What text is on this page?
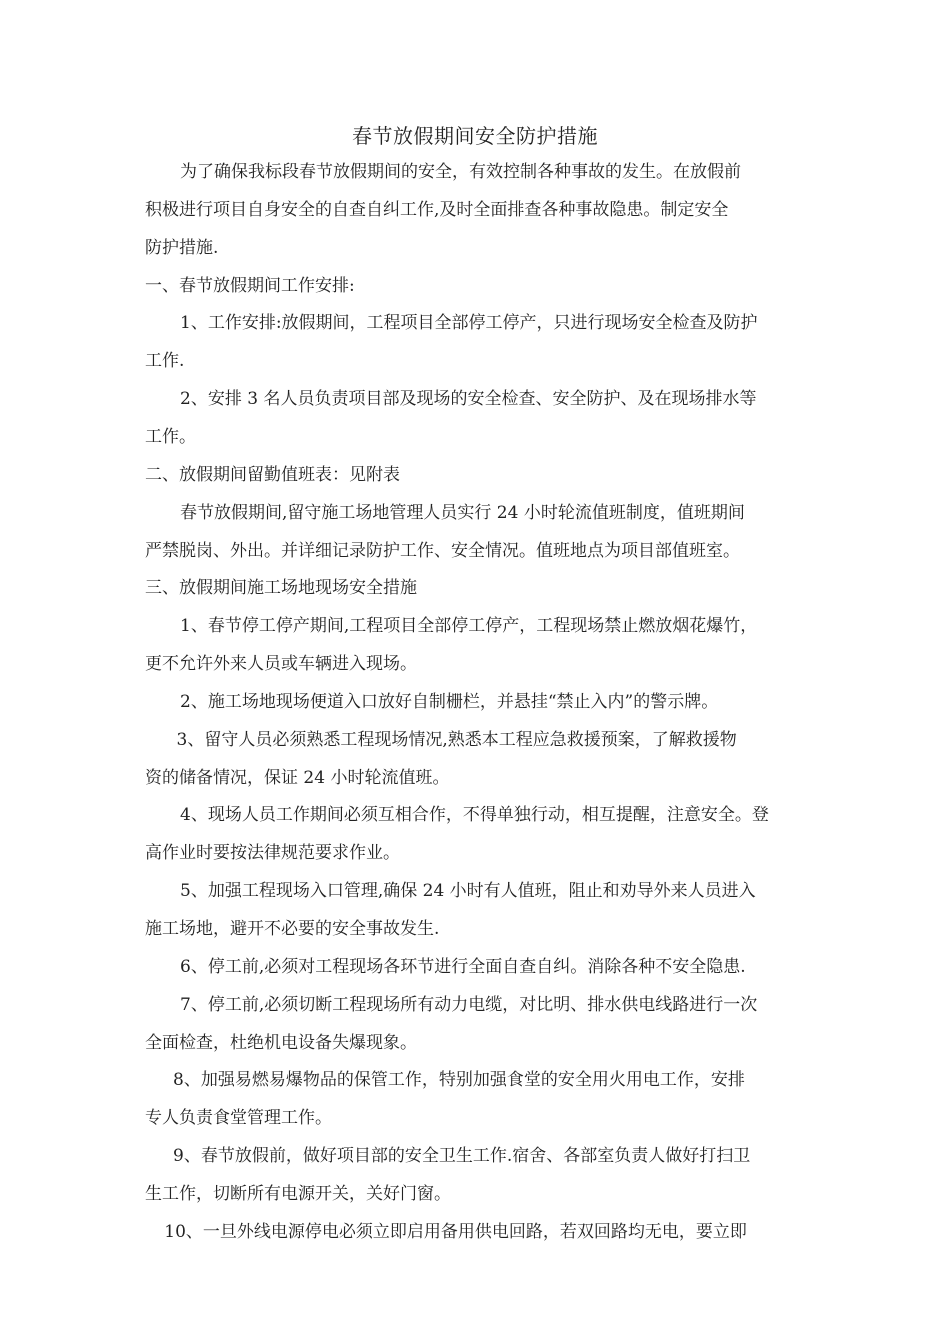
春节放假期间安全防护措施
为了确保我标段春节放假期间的安全，有效控制各种事故的发生。在放假前
积极进行项目自身安全的自查自纠工作,及时全面排查各种事故隐患。制定安全
防护措施.
一、春节放假期间工作安排:
1、工作安排:放假期间，工程项目全部停工停产，只进行现场安全检查及防护
工作.
2、安排 3 名人员负责项目部及现场的安全检查、安全防护、及在现场排水等
工作。
二、放假期间留勤值班表：见附表
春节放假期间,留守施工场地管理人员实行 24 小时轮流值班制度，值班期间
严禁脱岗、外出。并详细记录防护工作、安全情况。值班地点为项目部值班室。
三、放假期间施工场地现场安全措施
1、春节停工停产期间,工程项目全部停工停产，工程现场禁止燃放烟花爆竹，
更不允许外来人员或车辆进入现场。
2、施工场地现场便道入口放好自制栅栏，并悬挂“禁止入内”的警示牌。
3、留守人员必须熟悉工程现场情况,熟悉本工程应急救援预案，了解救援物
资的储备情况，保证 24 小时轮流值班。
4、现场人员工作期间必须互相合作，不得单独行动，相互提醒，注意安全。登
高作业时要按法律规范要求作业。
5、加强工程现场入口管理,确保 24 小时有人值班，阻止和劝导外来人员进入
施工场地，避开不必要的安全事故发生.
6、停工前,必须对工程现场各环节进行全面自查自纠。消除各种不安全隐患.
7、停工前,必须切断工程现场所有动力电缆，对比明、排水供电线路进行一次
全面检查，杜绝机电设备失爆现象。
8、加强易燃易爆物品的保管工作，特别加强食堂的安全用火用电工作，安排
专人负责食堂管理工作。
9、春节放假前，做好项目部的安全卫生工作.宿舍、各部室负责人做好打扫卫
生工作，切断所有电源开关，关好门窗。
10、一旦外线电源停电必须立即启用备用供电回路，若双回路均无电，要立即
